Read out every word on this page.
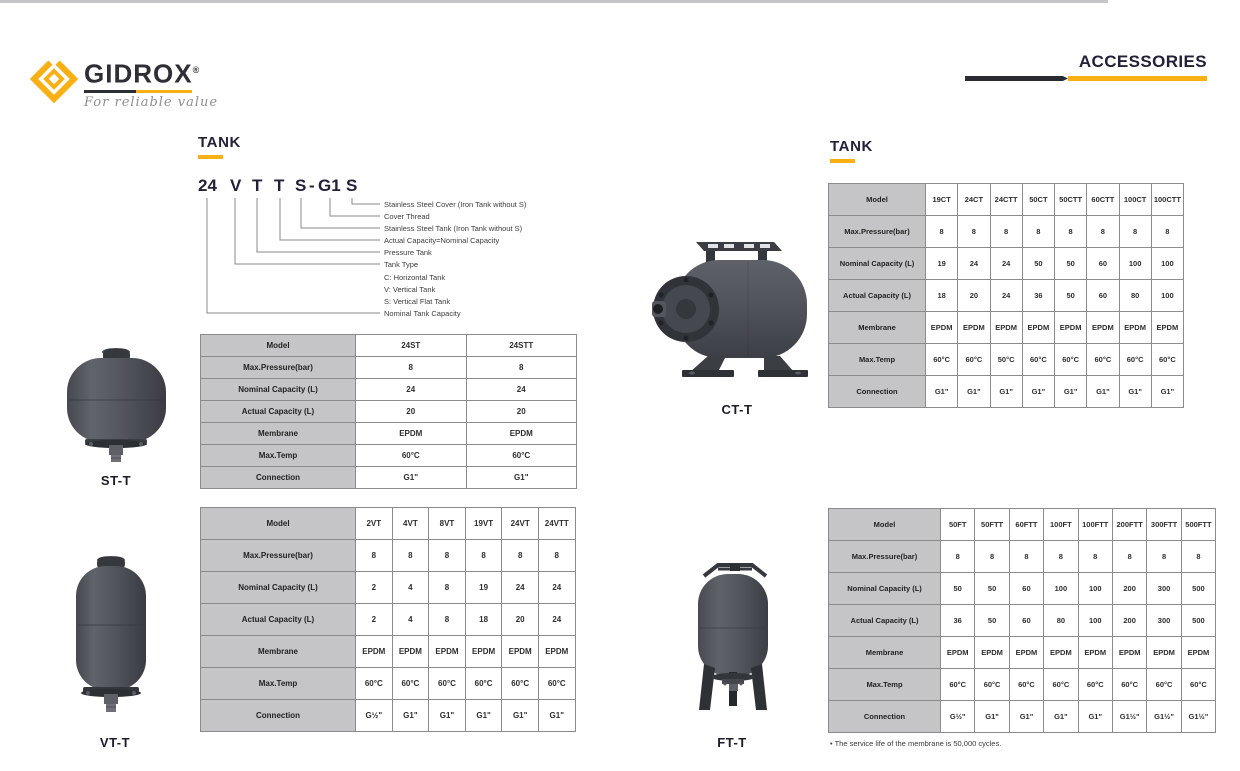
GIDROX®
For reliable value
ACCESSORIES
TANK	TANK
24 V T T S - G1 S
Stainless Steel Cover (Iron Tank without S)
Cover Thread
Stainless Steel Tank (Iron Tank without S)
Actual Capacity=Nominal Capacity
Pressure Tank
Tank Type
C: Horizontal Tank
V: Vertical Tank
S: Vertical Flat Tank
Nominal Tank Capacity
Model	24ST	24STT
Max.Pressure(bar)	8	8
Nominal Capacity (L)	24	24
Actual Capacity (L)	20	20
Membrane	EPDM	EPDM
Max.Temp	60°C	60°C
Connection	G1"	G1"
Model	2VT	4VT	8VT	19VT	24VT	24VTT
Max.Pressure(bar)	8	8	8	8	8	8
Nominal Capacity (L)	2	4	8	19	24	24
Actual Capacity (L)	2	4	8	18	20	24
Membrane	EPDM	EPDM	EPDM	EPDM	EPDM	EPDM
Max.Temp	60°C	60°C	60°C	60°C	60°C	60°C
Connection	G½"	G1"	G1"	G1"	G1"	G1"
Model	19CT	24CT	24CTT	50CT	50CTT	60CTT	100CT	100CTT
Max.Pressure(bar)	8	8	8	8	8	8	8	8
Nominal Capacity (L)	19	24	24	50	50	60	100	100
Actual Capacity (L)	18	20	24	36	50	60	80	100
Membrane	EPDM	EPDM	EPDM	EPDM	EPDM	EPDM	EPDM	EPDM
Max.Temp	60°C	60°C	50°C	60°C	60°C	60°C	60°C	60°C
Connection	G1"	G1"	G1"	G1"	G1"	G1"	G1"	G1"
Model	50FT	50FTT	60FTT	100FT	100FTT	200FTT	300FTT	500FTT
Max.Pressure(bar)	8	8	8	8	8	8	8	8
Nominal Capacity (L)	50	50	60	100	100	200	300	500
Actual Capacity (L)	36	50	60	80	100	200	300	500
Membrane	EPDM	EPDM	EPDM	EPDM	EPDM	EPDM	EPDM	EPDM
Max.Temp	60°C	60°C	60°C	60°C	60°C	60°C	60°C	60°C
Connection	G½"	G1"	G1"	G1"	G1"	G1½"	G1½"	G1½"
ST-T
VT-T
CT-T
FT-T	• The service life of the membrane is 50,000 cycles.
